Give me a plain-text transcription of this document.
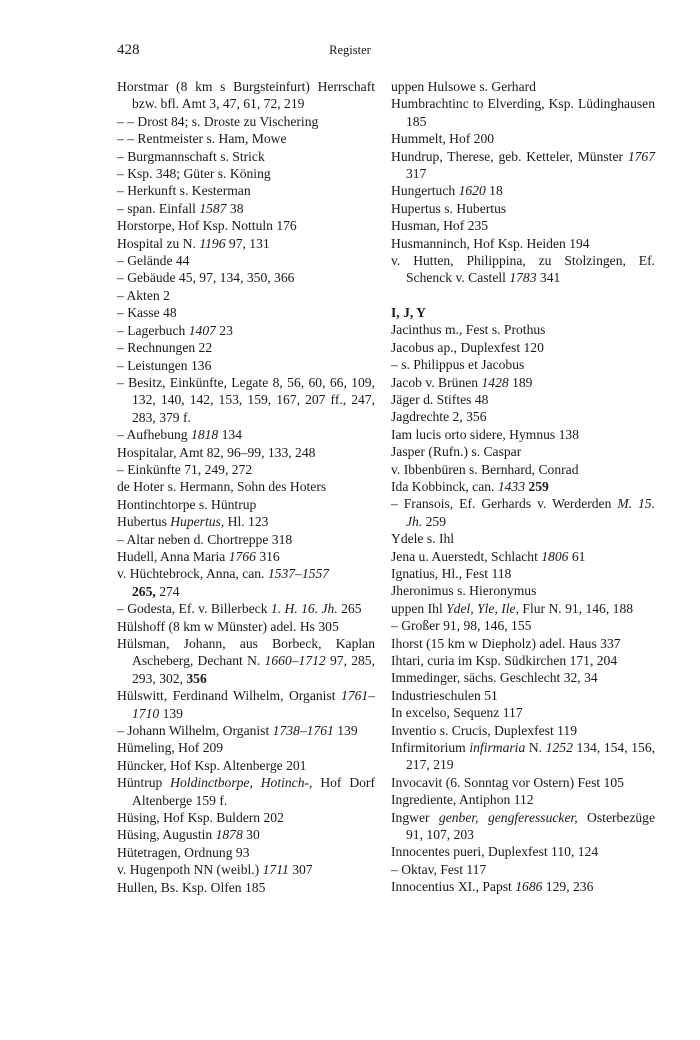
428	Register
Horstmar (8 km s Burgsteinfurt) Herrschaft bzw. bfl. Amt 3, 47, 61, 72, 219
– – Drost 84; s. Droste zu Vischering
– – Rentmeister s. Ham, Mowe
– Burgmannschaft s. Strick
– Ksp. 348; Güter s. Köning
– Herkunft s. Kesterman
– span. Einfall 1587 38
Horstorpe, Hof Ksp. Nottuln 176
Hospital zu N. 1196 97, 131
– Gelände 44
– Gebäude 45, 97, 134, 350, 366
– Akten 2
– Kasse 48
– Lagerbuch 1407 23
– Rechnungen 22
– Leistungen 136
– Besitz, Einkünfte, Legate 8, 56, 60, 66, 109, 132, 140, 142, 153, 159, 167, 207 ff., 247, 283, 379 f.
– Aufhebung 1818 134
Hospitalar, Amt 82, 96–99, 133, 248
– Einkünfte 71, 249, 272
de Hoter s. Hermann, Sohn des Hoters
Hontinchtorpe s. Hüntrup
Hubertus Hupertus, Hl. 123
– Altar neben d. Chortreppe 318
Hudell, Anna Maria 1766 316
v. Hüchtebrock, Anna, can. 1537–1557
265, 274
– Godesta, Ef. v. Billerbeck 1. H. 16. Jh. 265
Hülshoff (8 km w Münster) adel. Hs 305
Hülsman, Johann, aus Borbeck, Kaplan Ascheberg, Dechant N. 1660–1712 97, 285, 293, 302, 356
Hülswitt, Ferdinand Wilhelm, Organist 1761–1710 139
– Johann Wilhelm, Organist 1738–1761 139
Hümeling, Hof 209
Hüncker, Hof Ksp. Altenberge 201
Hüntrup Holdinctborpe, Hotinch-, Hof Dorf Altenberge 159 f.
Hüsing, Hof Ksp. Buldern 202
Hüsing, Augustin 1878 30
Hütetragen, Ordnung 93
v. Hugenpoth NN (weibl.) 1711 307
Hullen, Bs. Ksp. Olfen 185
uppen Hulsowe s. Gerhard
Humbrachtinc to Elverding, Ksp. Lüdinghausen 185
Hummelt, Hof 200
Hundrup, Therese, geb. Ketteler, Münster 1767 317
Hungertuch 1620 18
Hupertus s. Hubertus
Husman, Hof 235
Husmanninch, Hof Ksp. Heiden 194
v. Hutten, Philippina, zu Stolzingen, Ef. Schenck v. Castell 1783 341
I, J, Y
Jacinthus m., Fest s. Prothus
Jacobus ap., Duplexfest 120
– s. Philippus et Jacobus
Jacob v. Brünen 1428 189
Jäger d. Stiftes 48
Jagdrechte 2, 356
Iam lucis orto sidere, Hymnus 138
Jasper (Rufn.) s. Caspar
v. Ibbenbüren s. Bernhard, Conrad
Ida Kobbinck, can. 1433 259
– Fransois, Ef. Gerhards v. Werderden M. 15. Jh. 259
Ydele s. Ihl
Jena u. Auerstedt, Schlacht 1806 61
Ignatius, Hl., Fest 118
Jheronimus s. Hieronymus
uppen Ihl Ydel, Yle, Ile, Flur N. 91, 146, 188
– Großer 91, 98, 146, 155
Ihorst (15 km w Diepholz) adel. Haus 337
Ihtari, curia im Ksp. Südkirchen 171, 204
Immedinger, sächs. Geschlecht 32, 34
Industrieschulen 51
In excelso, Sequenz 117
Inventio s. Crucis, Duplexfest 119
Infirmitorium infirmaria N. 1252 134, 154, 156, 217, 219
Invocavit (6. Sonntag vor Ostern) Fest 105
Ingrediente, Antiphon 112
Ingwer genber, gengferessucker, Osterbezüge 91, 107, 203
Innocentes pueri, Duplexfest 110, 124
– Oktav, Fest 117
Innocentius XI., Papst 1686 129, 236
